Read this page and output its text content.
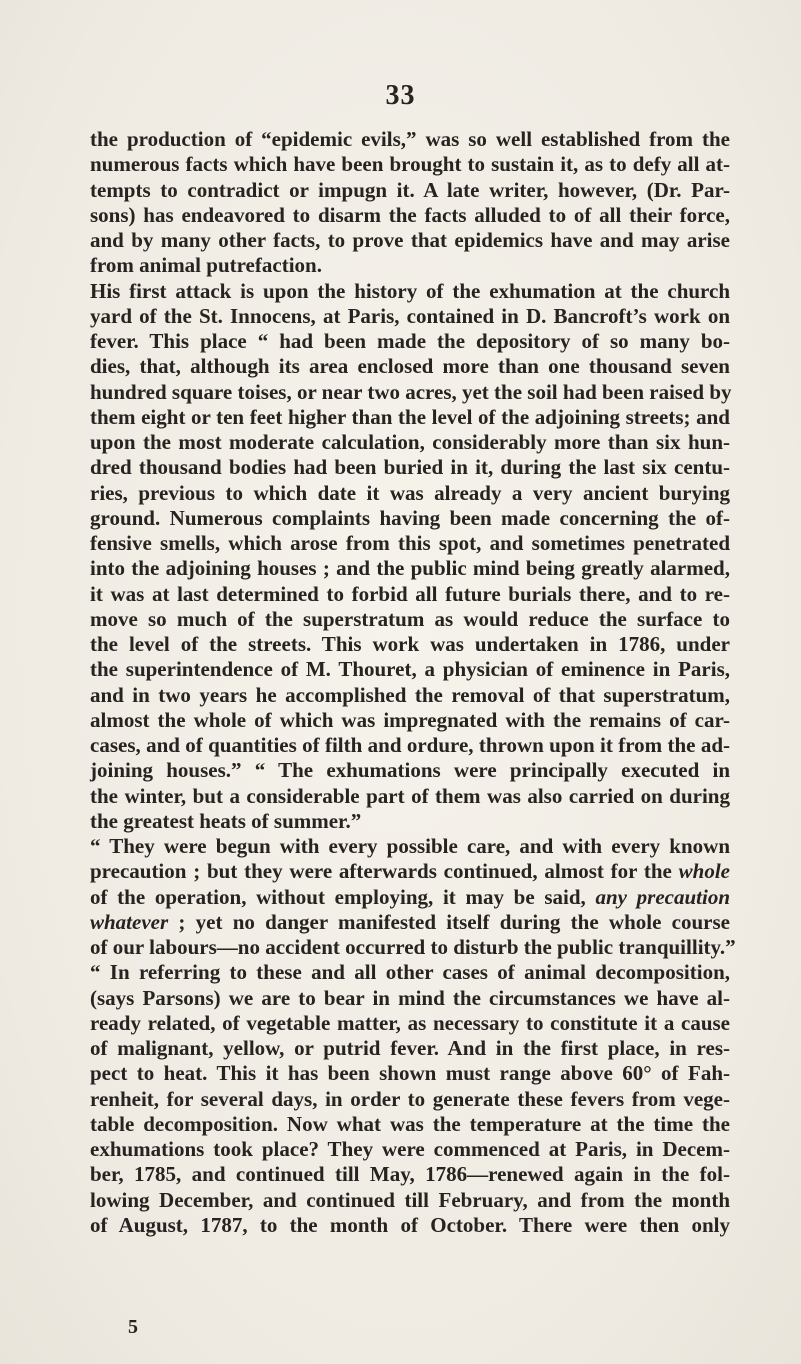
33
the production of “epidemic evils,” was so well established from the
numerous facts which have been brought to sustain it, as to defy all at-
tempts to contradict or impugn it. A late writer, however, (Dr. Par-
sons) has endeavored to disarm the facts alluded to of all their force,
and by many other facts, to prove that epidemics have and may arise
from animal putrefaction.
His first attack is upon the history of the exhumation at the church
yard of the St. Innocens, at Paris, contained in D. Bancroft’s work on
fever. This place “ had been made the depository of so many bo-
dies, that, although its area enclosed more than one thousand seven
hundred square toises, or near two acres, yet the soil had been raised by
them eight or ten feet higher than the level of the adjoining streets; and
upon the most moderate calculation, considerably more than six hun-
dred thousand bodies had been buried in it, during the last six centu-
ries, previous to which date it was already a very ancient burying
ground. Numerous complaints having been made concerning the of-
fensive smells, which arose from this spot, and sometimes penetrated
into the adjoining houses ; and the public mind being greatly alarmed,
it was at last determined to forbid all future burials there, and to re-
move so much of the superstratum as would reduce the surface to
the level of the streets. This work was undertaken in 1786, under
the superintendence of M. Thouret, a physician of eminence in Paris,
and in two years he accomplished the removal of that superstratum,
almost the whole of which was impregnated with the remains of car-
cases, and of quantities of filth and ordure, thrown upon it from the ad-
joining houses.” “ The exhumations were principally executed in
the winter, but a considerable part of them was also carried on during
the greatest heats of summer.”
“ They were begun with every possible care, and with every known
precaution ; but they were afterwards continued, almost for the whole
of the operation, without employing, it may be said, any precaution
whatever ; yet no danger manifested itself during the whole course
of our labours—no accident occurred to disturb the public tranquillity.”
“ In referring to these and all other cases of animal decomposition,
(says Parsons) we are to bear in mind the circumstances we have al-
ready related, of vegetable matter, as necessary to constitute it a cause
of malignant, yellow, or putrid fever. And in the first place, in res-
pect to heat. This it has been shown must range above 60° of Fah-
renheit, for several days, in order to generate these fevers from vege-
table decomposition. Now what was the temperature at the time the
exhumations took place? They were commenced at Paris, in Decem-
ber, 1785, and continued till May, 1786—renewed again in the fol-
lowing December, and continued till February, and from the month
of August, 1787, to the month of October. There were then only
5
